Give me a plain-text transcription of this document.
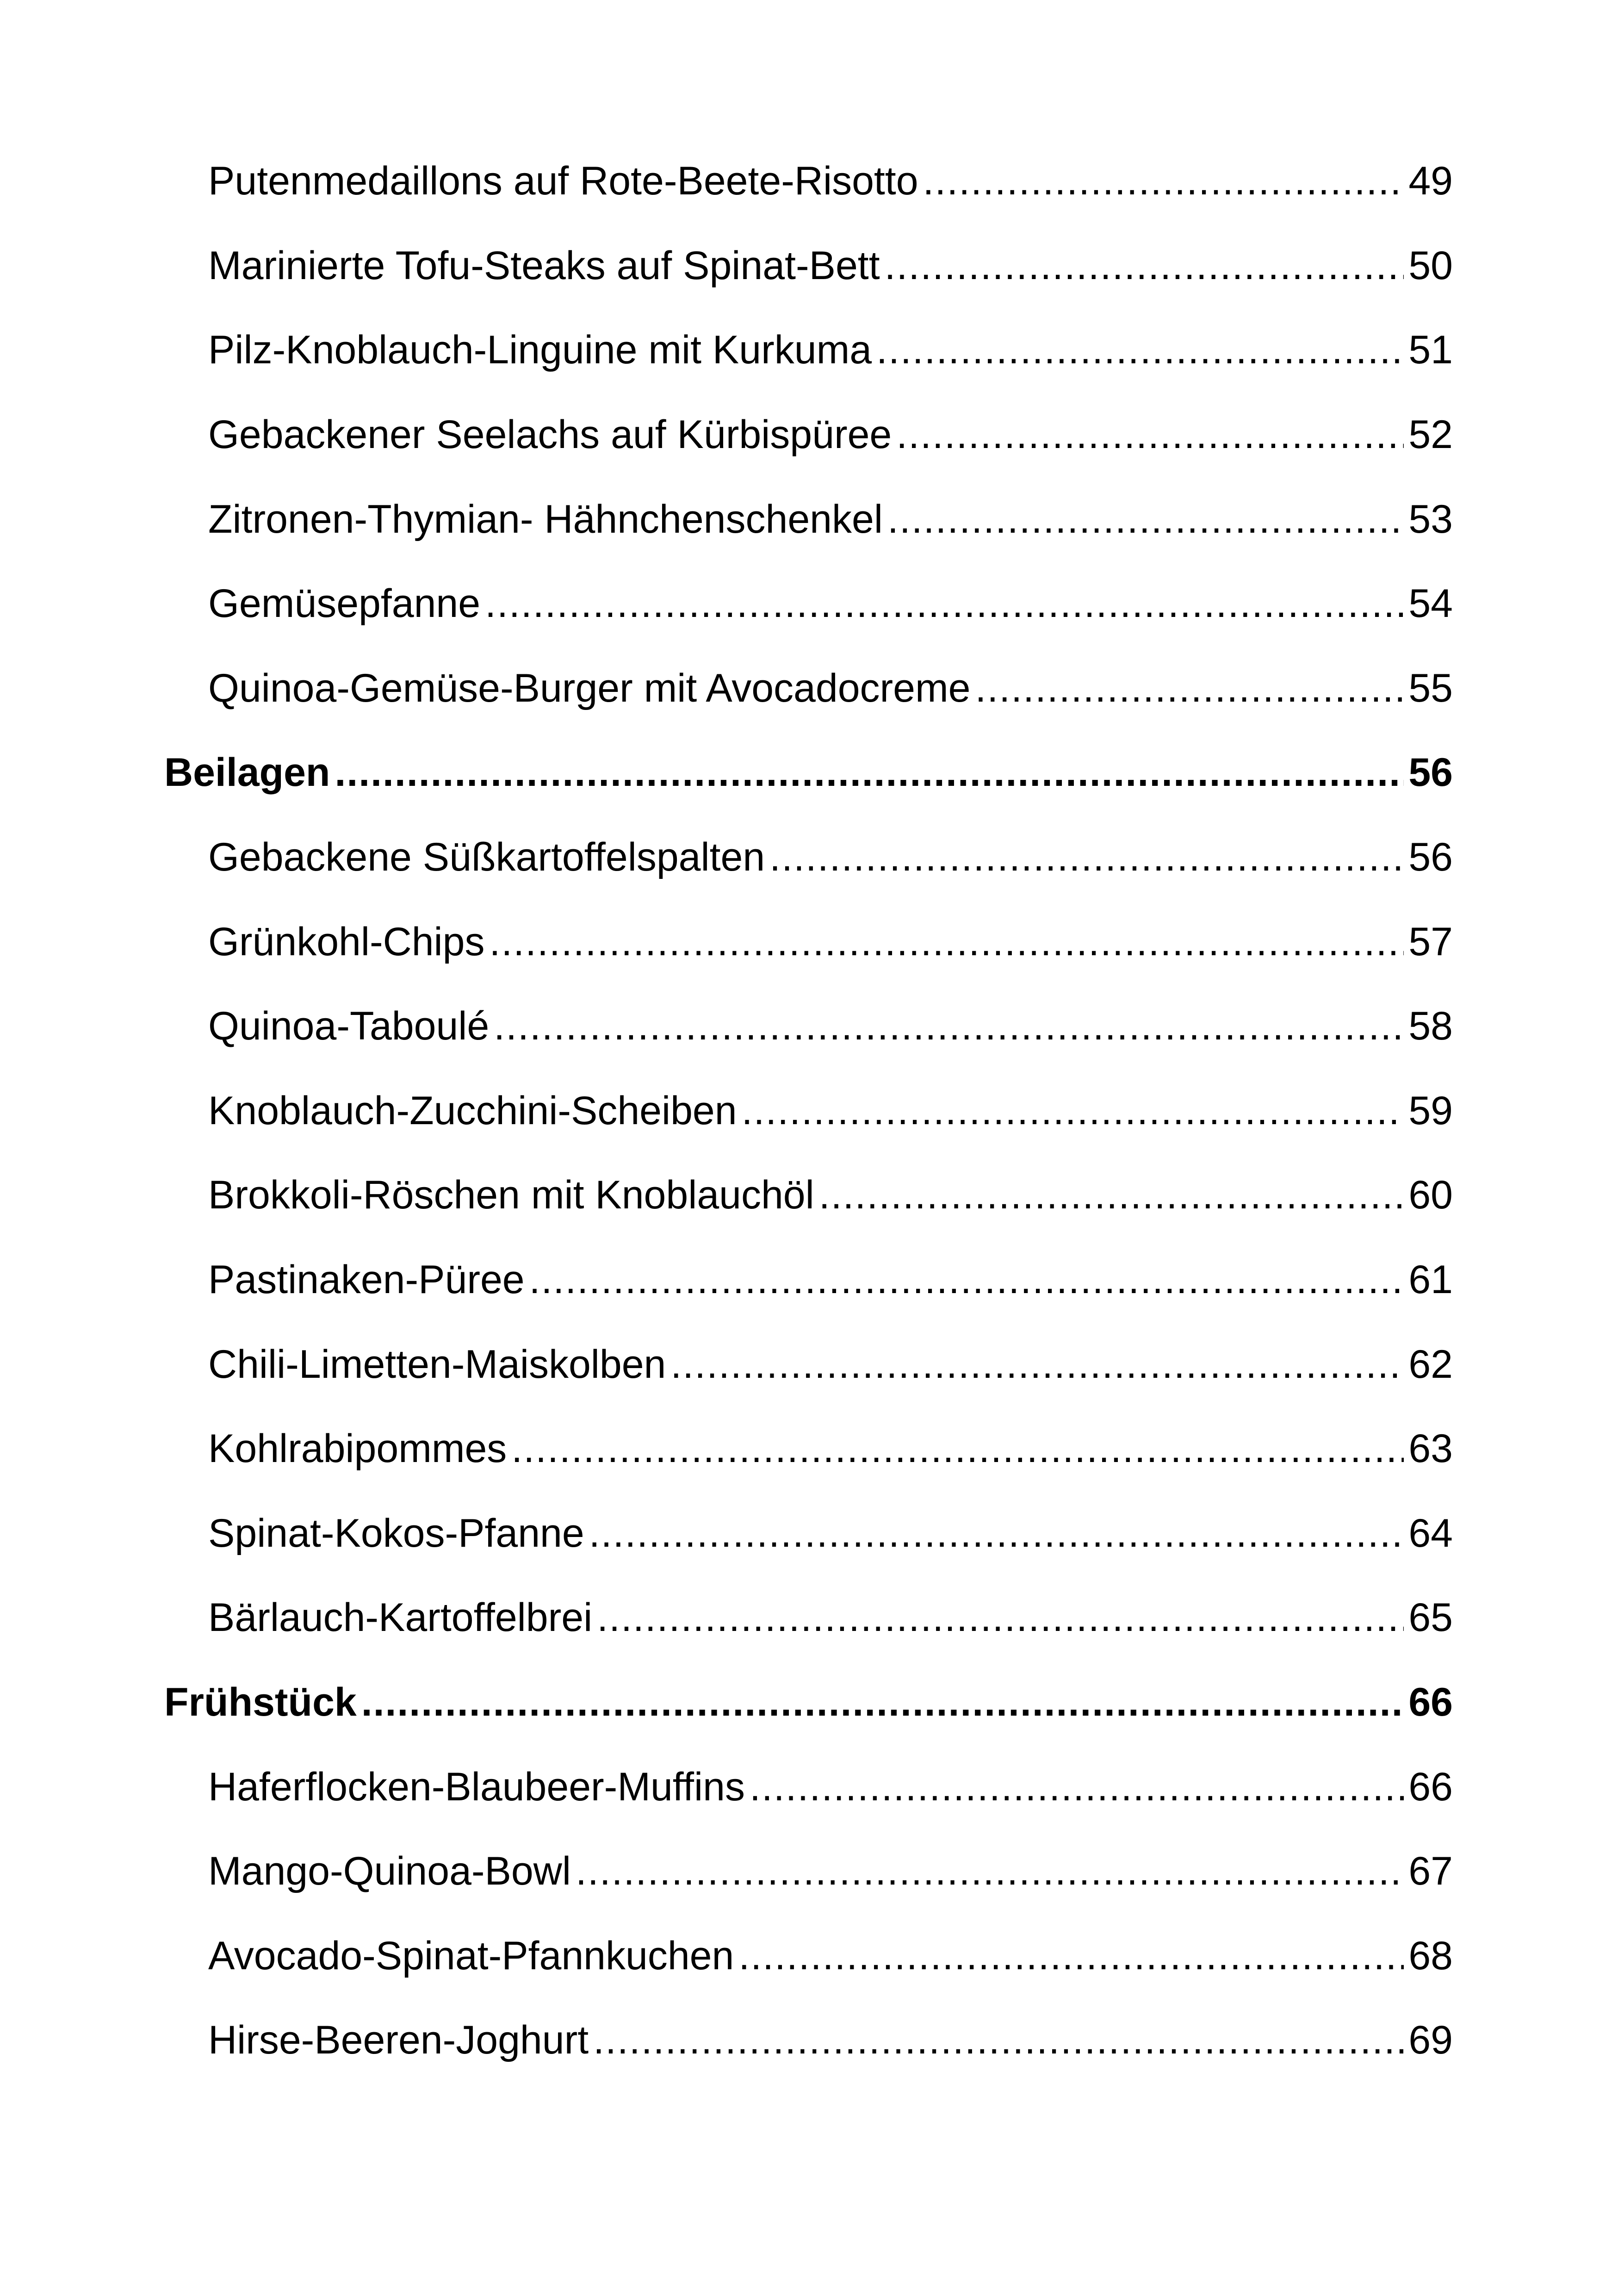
Putenmedaillons auf Rote-Beete-Risotto .....	49
Marinierte Tofu-Steaks auf Spinat-Bett .....	50
Pilz-Knoblauch-Linguine mit Kurkuma .....	51
Gebackener Seelachs auf Kürbispüree .....	52
Zitronen-Thymian- Hähnchenschenkel .....	53
Gemüsepfanne .....	54
Quinoa-Gemüse-Burger mit Avocadocreme .....	55
Beilagen .....	56
Gebackene Süßkartoffelspalten .....	56
Grünkohl-Chips .....	57
Quinoa-Taboulé .....	58
Knoblauch-Zucchini-Scheiben .....	59
Brokkoli-Röschen mit Knoblauchöl .....	60
Pastinaken-Püree .....	61
Chili-Limetten-Maiskolben .....	62
Kohlrabipommes .....	63
Spinat-Kokos-Pfanne .....	64
Bärlauch-Kartoffelbrei .....	65
Frühstück .....	66
Haferflocken-Blaubeer-Muffins .....	66
Mango-Quinoa-Bowl .....	67
Avocado-Spinat-Pfannkuchen .....	68
Hirse-Beeren-Joghurt .....	69
